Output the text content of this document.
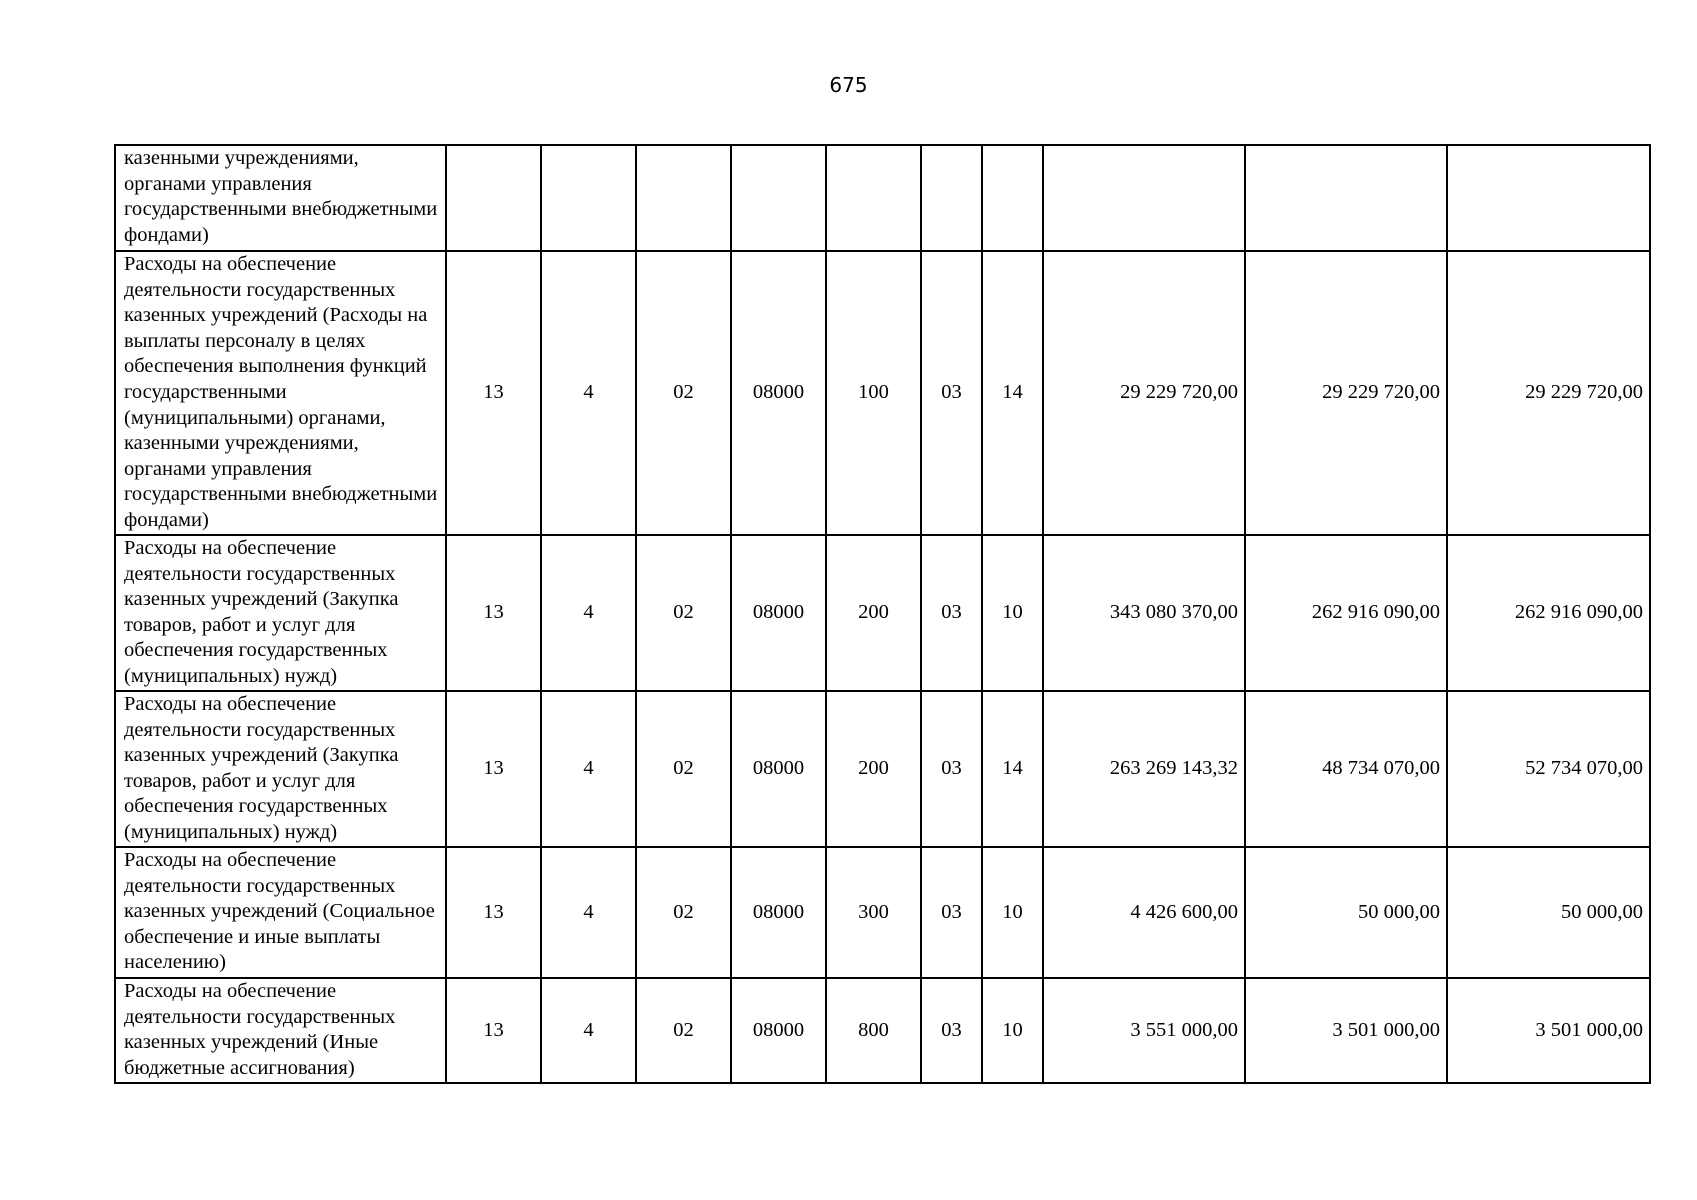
675
казенными учреждениями, органами управления государственными внебюджетными фондами)										
Расходы на обеспечение деятельности государственных казенных учреждений (Расходы на выплаты персоналу в целях обеспечения выполнения функций государственными (муниципальными) органами, казенными учреждениями, органами управления государственными внебюджетными фондами)	13	4	02	08000	100	03	14	29 229 720,00	29 229 720,00	29 229 720,00
Расходы на обеспечение деятельности государственных казенных учреждений (Закупка товаров, работ и услуг для обеспечения государственных (муниципальных) нужд)	13	4	02	08000	200	03	10	343 080 370,00	262 916 090,00	262 916 090,00
Расходы на обеспечение деятельности государственных казенных учреждений (Закупка товаров, работ и услуг для обеспечения государственных (муниципальных) нужд)	13	4	02	08000	200	03	14	263 269 143,32	48 734 070,00	52 734 070,00
Расходы на обеспечение деятельности государственных казенных учреждений (Социальное обеспечение и иные выплаты населению)	13	4	02	08000	300	03	10	4 426 600,00	50 000,00	50 000,00
Расходы на обеспечение деятельности государственных казенных учреждений (Иные бюджетные ассигнования)	13	4	02	08000	800	03	10	3 551 000,00	3 501 000,00	3 501 000,00
